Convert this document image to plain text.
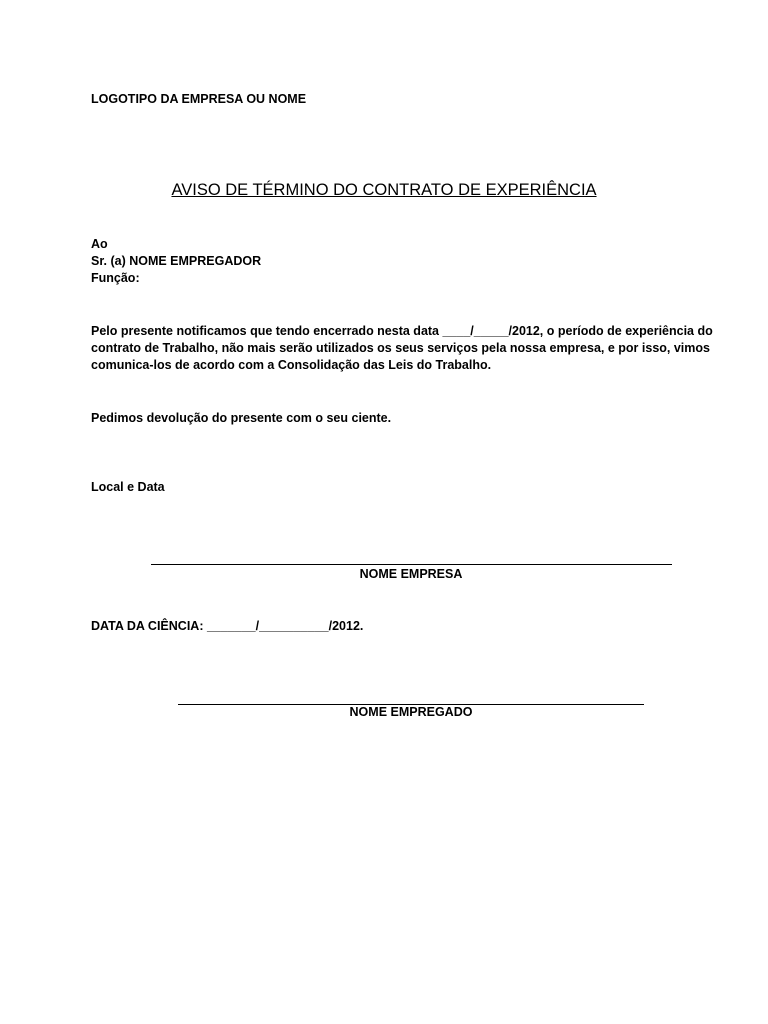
LOGOTIPO DA EMPRESA OU NOME

AVISO DE TÉRMINO DO CONTRATO DE EXPERIÊNCIA
Ao
Sr. (a) NOME EMPREGADOR
Função:
Pelo presente notificamos que tendo encerrado nesta data ____/_____/2012, o período de experiência do
contrato de Trabalho, não mais serão utilizados os seus serviços pela nossa empresa, e por isso, vimos
comunica-los de acordo com a Consolidação das Leis do Trabalho.

Pedimos devolução do presente com o seu ciente.

Local e Data

NOME EMPRESA

DATA DA CIÊNCIA: _______/__________/2012.

NOME EMPREGADO
